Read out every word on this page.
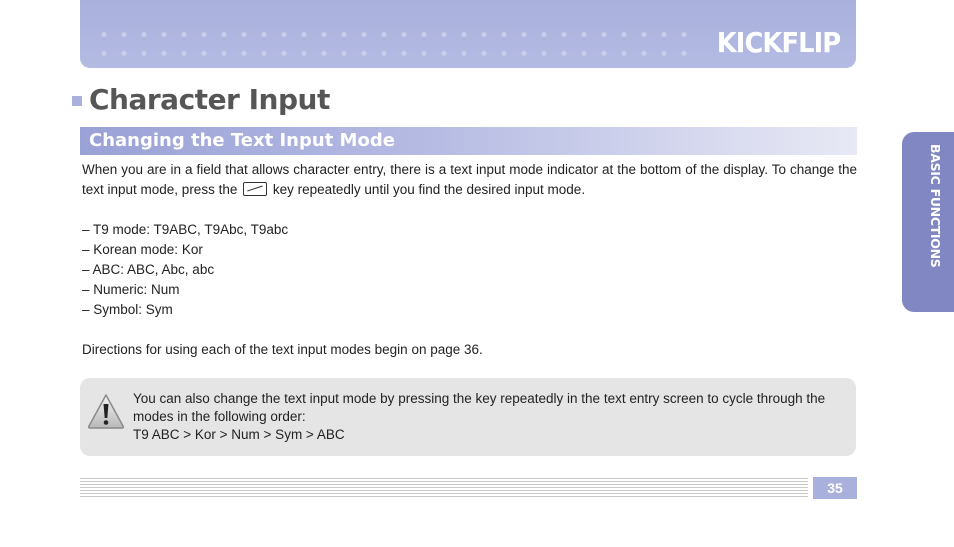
KICKFLIP
Character Input
Changing the Text Input Mode
BASIC FUNCTIONS
When you are in a field that allows character entry, there is a text input mode indicator at the bottom of the display. To change the text input mode, press the	key repeatedly until you find the desired input mode.
– T9 mode: T9ABC, T9Abc, T9abc
– Korean mode: Kor
– ABC: ABC, Abc, abc
– Numeric: Num
– Symbol: Sym
Directions for using each of the text input modes begin on page 36.
You can also change the text input mode by pressing the key repeatedly in the text entry screen to cycle through the modes in the following order:
T9 ABC > Kor > Num > Sym > ABC
35
